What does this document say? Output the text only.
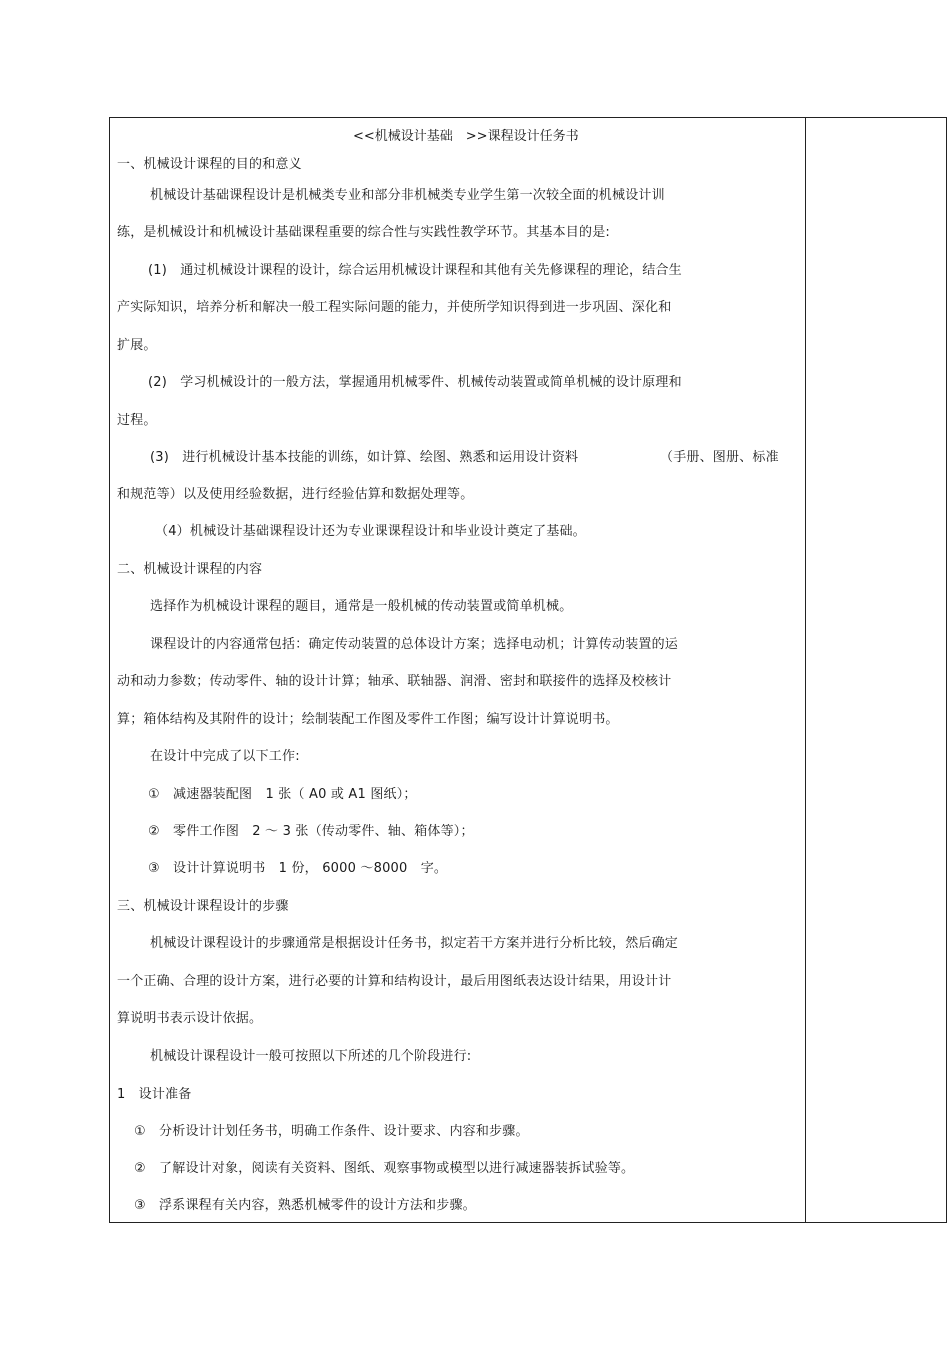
<<机械设计基础　>>课程设计任务书
一、机械设计课程的目的和意义
机械设计基础课程设计是机械类专业和部分非机械类专业学生第一次较全面的机械设计训
练，是机械设计和机械设计基础课程重要的综合性与实践性教学环节。其基本目的是:
(1)　通过机械设计课程的设计，综合运用机械设计课程和其他有关先修课程的理论，结合生
产实际知识，培养分析和解决一般工程实际问题的能力，并使所学知识得到进一步巩固、深化和
扩展。
(2)　学习机械设计的一般方法，掌握通用机械零件、机械传动装置或简单机械的设计原理和
过程。
(3)　进行机械设计基本技能的训练，如计算、绘图、熟悉和运用设计资料	（手册、图册、标准
和规范等）以及使用经验数据，进行经验估算和数据处理等。
（4）机械设计基础课程设计还为专业课课程设计和毕业设计奠定了基础。
二、机械设计课程的内容
选择作为机械设计课程的题目，通常是一般机械的传动装置或简单机械。
课程设计的内容通常包括：确定传动装置的总体设计方案；选择电动机；计算传动装置的运
动和动力参数；传动零件、轴的设计计算；轴承、联轴器、润滑、密封和联接件的选择及校核计
算；箱体结构及其附件的设计；绘制装配工作图及零件工作图；编写设计计算说明书。
在设计中完成了以下工作:
①　减速器装配图　1 张（ A0 或 A1 图纸）；
②　零件工作图　2 ～ 3 张（传动零件、轴、箱体等）；
③　设计计算说明书　1 份， 6000 ～8000　字。
三、机械设计课程设计的步骤
机械设计课程设计的步骤通常是根据设计任务书，拟定若干方案并进行分析比较，然后确定
一个正确、合理的设计方案，进行必要的计算和结构设计，最后用图纸表达设计结果，用设计计
算说明书表示设计依据。
机械设计课程设计一般可按照以下所述的几个阶段进行:
1　设计准备
①　分析设计计划任务书，明确工作条件、设计要求、内容和步骤。
②　了解设计对象，阅读有关资料、图纸、观察事物或模型以进行减速器装拆试验等。
③　浮系课程有关内容，熟悉机械零件的设计方法和步骤。
